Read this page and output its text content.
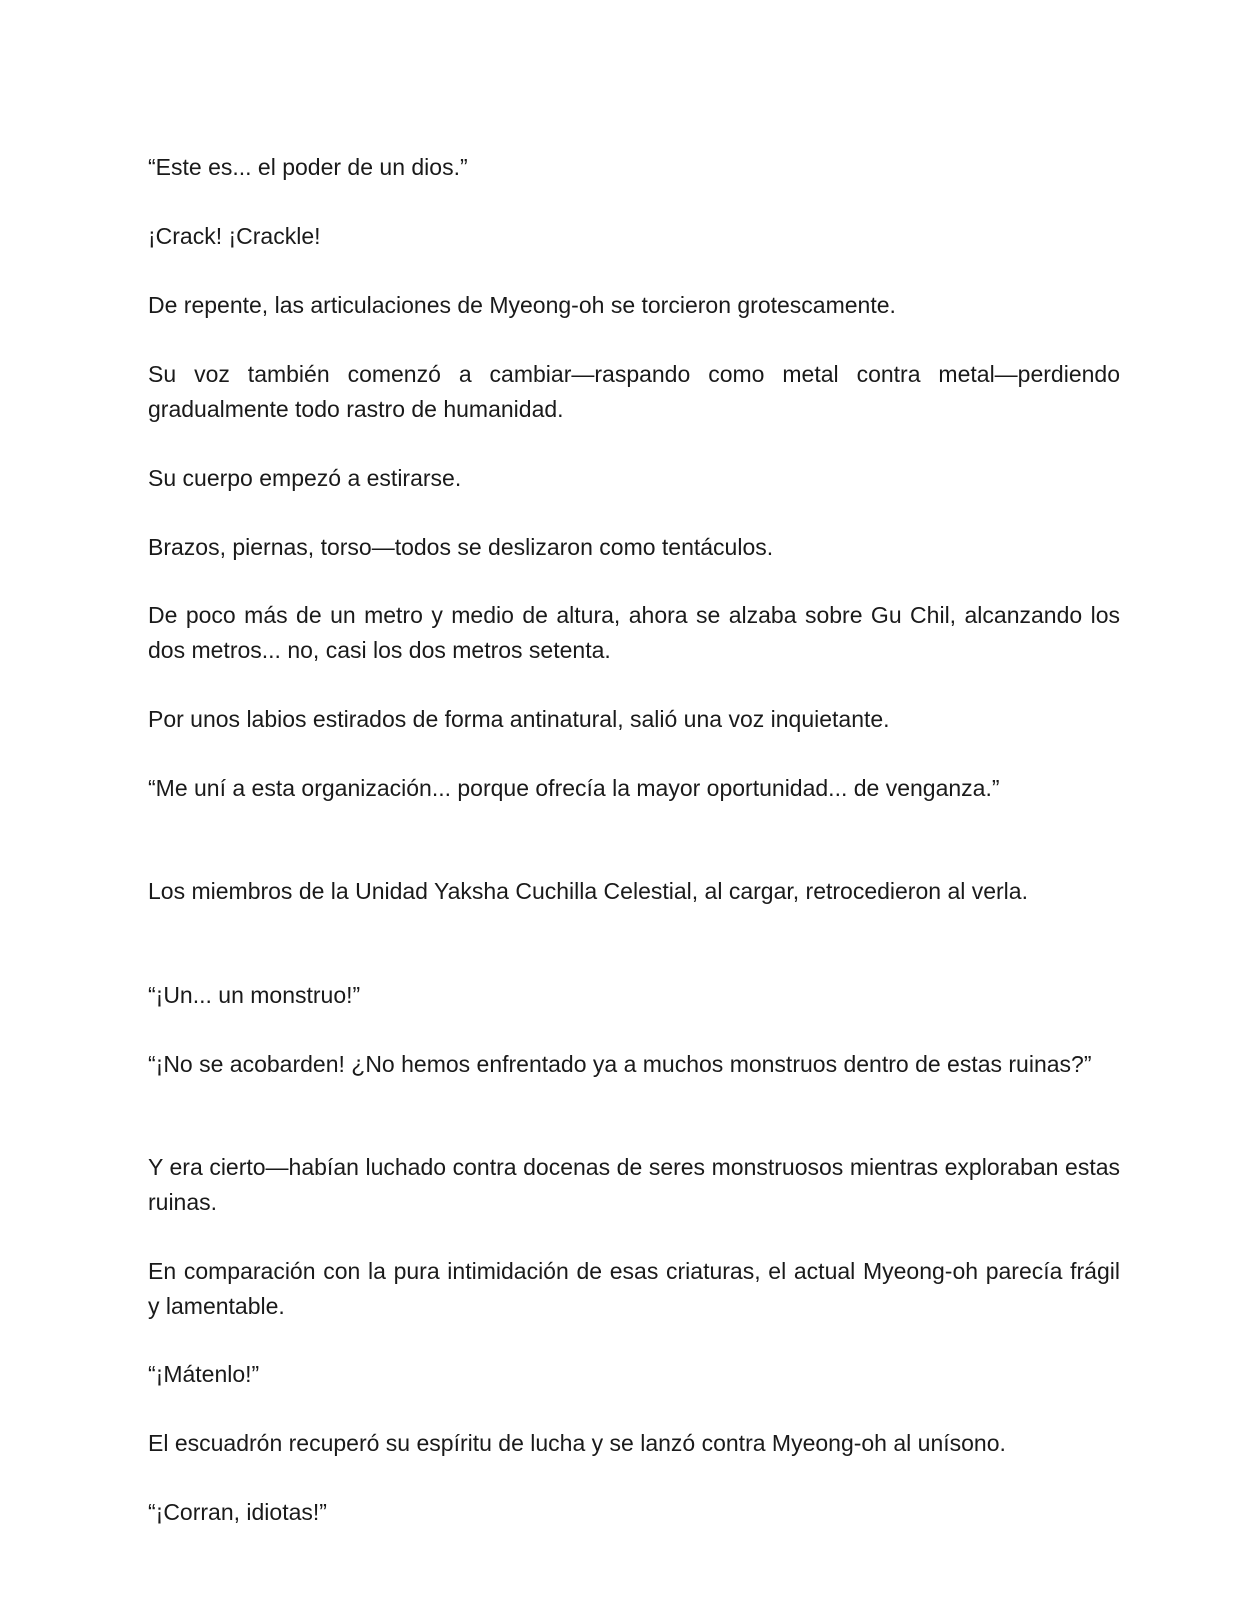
“Este es... el poder de un dios.”

¡Crack! ¡Crackle!

De repente, las articulaciones de Myeong-oh se torcieron grotescamente.

Su voz también comenzó a cambiar—raspando como metal contra metal—perdiendo gradualmente todo rastro de humanidad.

Su cuerpo empezó a estirarse.

Brazos, piernas, torso—todos se deslizaron como tentáculos.

De poco más de un metro y medio de altura, ahora se alzaba sobre Gu Chil, alcanzando los dos metros... no, casi los dos metros setenta.

Por unos labios estirados de forma antinatural, salió una voz inquietante.

“Me uní a esta organización... porque ofrecía la mayor oportunidad... de venganza.”

Los miembros de la Unidad Yaksha Cuchilla Celestial, al cargar, retrocedieron al verla.

“¡Un... un monstruo!”

“¡No se acobarden! ¿No hemos enfrentado ya a muchos monstruos dentro de estas ruinas?”

Y era cierto—habían luchado contra docenas de seres monstruosos mientras exploraban estas ruinas.

En comparación con la pura intimidación de esas criaturas, el actual Myeong-oh parecía frágil y lamentable.

“¡Mátenlo!”

El escuadrón recuperó su espíritu de lucha y se lanzó contra Myeong-oh al unísono.

“¡Corran, idiotas!”
